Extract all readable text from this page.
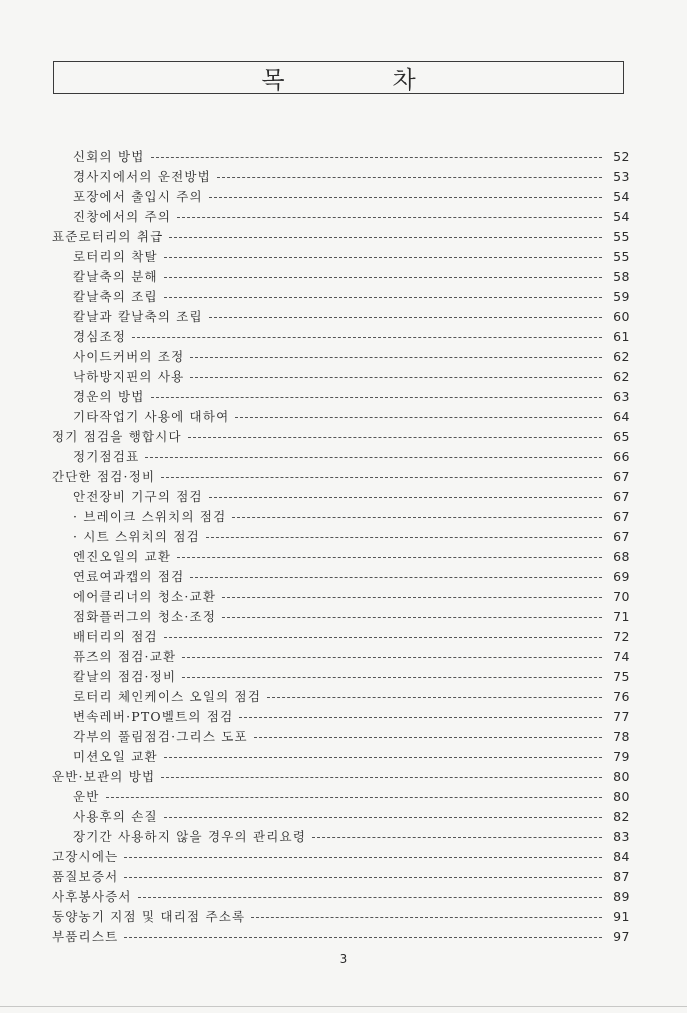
목차
신회의 방법	52
경사지에서의 운전방법	53
포장에서 출입시 주의	54
진창에서의 주의	54
표준로터리의 취급	55
로터리의 착탈	55
칼날축의 분해	58
칼날축의 조립	59
칼날과 칼날축의 조립	60
경심조정	61
사이드커버의 조정	62
낙하방지핀의 사용	62
경운의 방법	63
기타작업기 사용에 대하여	64
정기 점검을 행합시다	65
정기점검표	66
간단한 점검·정비	67
안전장비 기구의 점검	67
· 브레이크 스위치의 점검	67
· 시트 스위치의 점검	67
엔진오일의 교환	68
연료여과캡의 점검	69
에어클리너의 청소·교환	70
점화플러그의 청소·조정	71
배터리의 점검	72
퓨즈의 점검·교환	74
칼날의 점검·정비	75
로터리 체인케이스 오일의 점검	76
변속레버·PTO벨트의 점검	77
각부의 풀림점검·그리스 도포	78
미션오일 교환	79
운반·보관의 방법	80
운반	80
사용후의 손질	82
장기간 사용하지 않을 경우의 관리요령	83
고장시에는	84
품질보증서	87
사후봉사증서	89
동양농기 지점 및 대리점 주소록	91
부품리스트	97
3
